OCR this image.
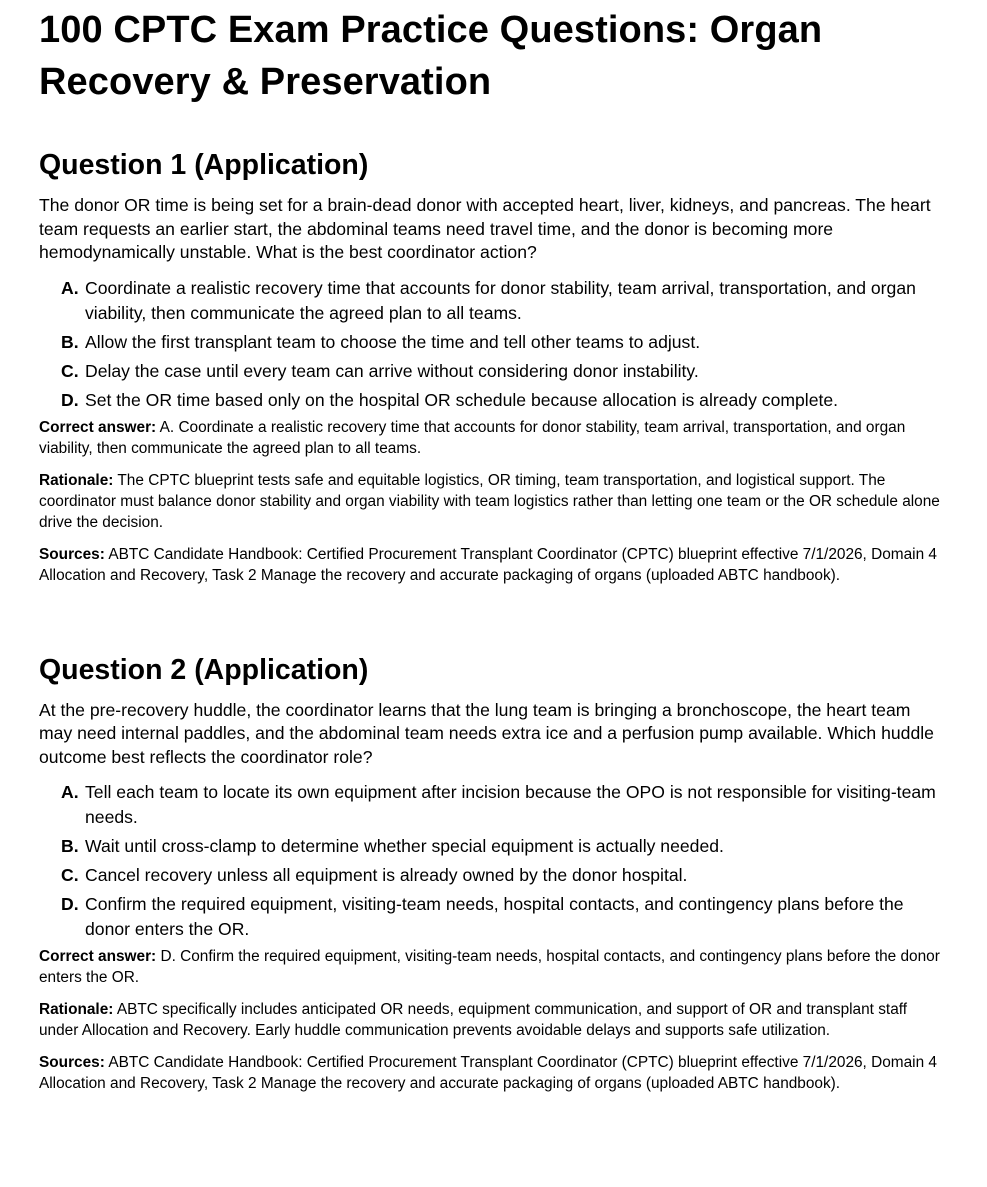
100 CPTC Exam Practice Questions: Organ Recovery & Preservation
Question 1 (Application)

The donor OR time is being set for a brain-dead donor with accepted heart, liver, kidneys, and pancreas. The heart team requests an earlier start, the abdominal teams need travel time, and the donor is becoming more hemodynamically unstable. What is the best coordinator action?

A. Coordinate a realistic recovery time that accounts for donor stability, team arrival, transportation, and organ viability, then communicate the agreed plan to all teams.
B. Allow the first transplant team to choose the time and tell other teams to adjust.
C. Delay the case until every team can arrive without considering donor instability.
D. Set the OR time based only on the hospital OR schedule because allocation is already complete.

Correct answer: A. Coordinate a realistic recovery time that accounts for donor stability, team arrival, transportation, and organ viability, then communicate the agreed plan to all teams.

Rationale: The CPTC blueprint tests safe and equitable logistics, OR timing, team transportation, and logistical support. The coordinator must balance donor stability and organ viability with team logistics rather than letting one team or the OR schedule alone drive the decision.

Sources: ABTC Candidate Handbook: Certified Procurement Transplant Coordinator (CPTC) blueprint effective 7/1/2026, Domain 4 Allocation and Recovery, Task 2 Manage the recovery and accurate packaging of organs (uploaded ABTC handbook).

Question 2 (Application)

At the pre-recovery huddle, the coordinator learns that the lung team is bringing a bronchoscope, the heart team may need internal paddles, and the abdominal team needs extra ice and a perfusion pump available. Which huddle outcome best reflects the coordinator role?

A. Tell each team to locate its own equipment after incision because the OPO is not responsible for visiting-team needs.
B. Wait until cross-clamp to determine whether special equipment is actually needed.
C. Cancel recovery unless all equipment is already owned by the donor hospital.
D. Confirm the required equipment, visiting-team needs, hospital contacts, and contingency plans before the donor enters the OR.

Correct answer: D. Confirm the required equipment, visiting-team needs, hospital contacts, and contingency plans before the donor enters the OR.

Rationale: ABTC specifically includes anticipated OR needs, equipment communication, and support of OR and transplant staff under Allocation and Recovery. Early huddle communication prevents avoidable delays and supports safe utilization.

Sources: ABTC Candidate Handbook: Certified Procurement Transplant Coordinator (CPTC) blueprint effective 7/1/2026, Domain 4 Allocation and Recovery, Task 2 Manage the recovery and accurate packaging of organs (uploaded ABTC handbook).
